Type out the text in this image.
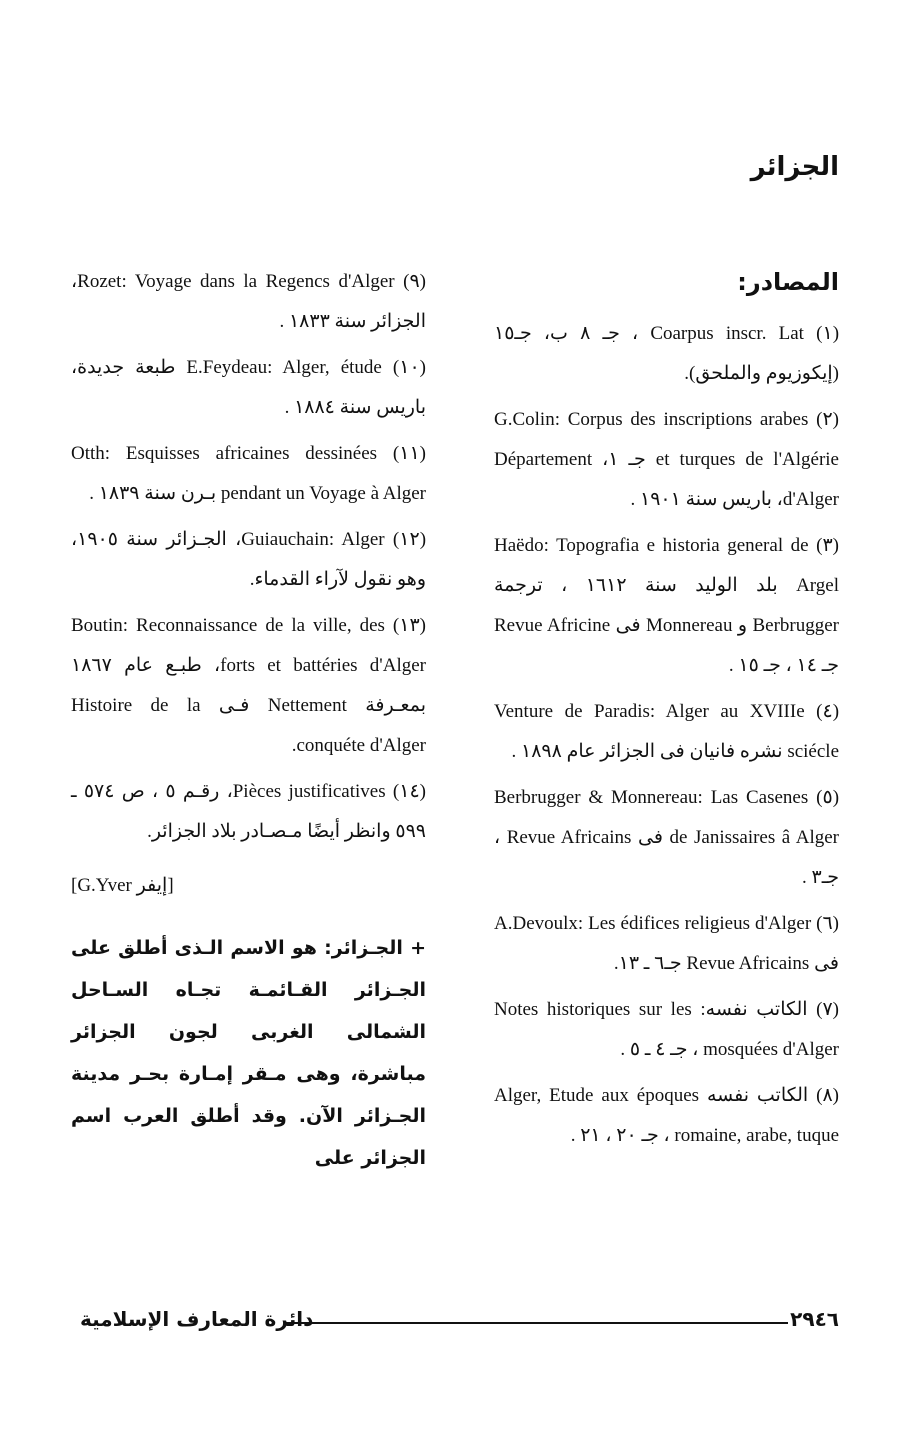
الجزائر
المصادر:
(١) Coarpus inscr. Lat ، جـ ٨ ب، جـ١٥ (إيكوزيوم والملحق).
(٢) G.Colin: Corpus des inscriptions arabes et turques de l'Algérie جـ ١، Département d'Alger، باريس سنة ١٩٠١ .
(٣) Haëdo: Topografia e historia general de Argel بلد الوليد سنة ١٦١٢ ، ترجمة Berbrugger و Monnereau فى Revue Africine جـ ١٤ ، جـ ١٥ .
(٤) Venture de Paradis: Alger au XVIIIe sciécle نشره فانيان فى الجزائر عام ١٨٩٨ .
(٥) Berbrugger & Monnereau: Las Casenes de Janissaires â Alger فى Revue Africains ، جـ٣ .
(٦) A.Devoulx: Les édifices religieus d'Alger فى Revue Africains جـ٦ ـ ١٣.
(٧) الكاتب نفسه: Notes historiques sur les mosquées d'Alger ، جـ ٤ ـ ٥ .
(٨) الكاتب نفسه Alger, Etude aux époques romaine, arabe, tuque ، جـ ٢٠ ، ٢١ .
(٩) Rozet: Voyage dans la Regencs d'Alger، الجزائر سنة ١٨٣٣ .
(١٠) E.Feydeau: Alger, étude طبعة جديدة، باريس سنة ١٨٨٤ .
(١١) Otth: Esquisses africaines dessinées pendant un Voyage à Alger بـرن سنة ١٨٣٩ .
(١٢) Guiauchain: Alger، الجـزائر سنة ١٩٠٥، وهو نقول لآراء القدماء.
(١٣) Boutin: Reconnaissance de la ville, des forts et battéries d'Alger، طبـع عام ١٨٦٧ بمعـرفة Nettement فـى Histoire de la conquéte d'Alger.
(١٤) Pièces justificatives، رقـم ٥ ، ص ٥٧٤ ـ ٥٩٩ وانظر أيضًا مـصـادر بلاد الجزائر.
[G.Yver إيفر]
+ الجـزائر: هو الاسم الـذى أطلق على الجـزائر القـائمـة تجـاه السـاحل الشمالى الغربى لجون الجزائر مباشرة، وهى مـقر إمـارة بحـر مدينة الجـزائر الآن. وقد أطلق العرب اسم الجزائر على
٢٩٤٦
دائرة المعارف الإسلامية
